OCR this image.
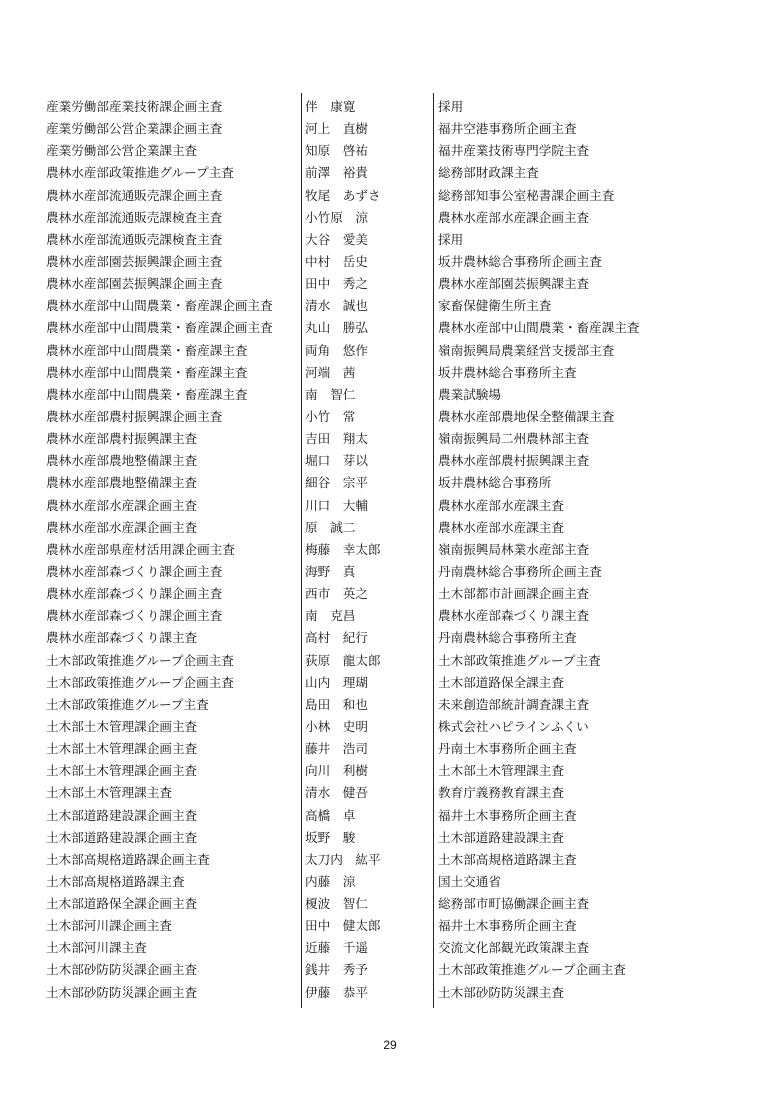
産業労働部産業技術課企画主査	伴　康寛	採用
産業労働部公営企業課企画主査	河上　直樹	福井空港事務所企画主査
産業労働部公営企業課主査	知原　啓祐	福井産業技術専門学院主査
農林水産部政策推進グループ主査	前澤　裕貴	総務部財政課主査
農林水産部流通販売課企画主査	牧尾　あずさ	総務部知事公室秘書課企画主査
農林水産部流通販売課検査主査	小竹原　涼	農林水産部水産課企画主査
農林水産部流通販売課検査主査	大谷　愛美	採用
農林水産部園芸振興課企画主査	中村　岳史	坂井農林総合事務所企画主査
農林水産部園芸振興課企画主査	田中　秀之	農林水産部園芸振興課主査
農林水産部中山間農業・畜産課企画主査	清水　誠也	家畜保健衛生所主査
農林水産部中山間農業・畜産課企画主査	丸山　勝弘	農林水産部中山間農業・畜産課主査
農林水産部中山間農業・畜産課主査	両角　悠作	嶺南振興局農業経営支援部主査
農林水産部中山間農業・畜産課主査	河端　茜	坂井農林総合事務所主査
農林水産部中山間農業・畜産課主査	南　智仁	農業試験場
農林水産部農村振興課企画主査	小竹　常	農林水産部農地保全整備課主査
農林水産部農村振興課主査	吉田　翔太	嶺南振興局二州農林部主査
農林水産部農地整備課主査	堀口　芽以	農林水産部農村振興課主査
農林水産部農地整備課主査	細谷　宗平	坂井農林総合事務所
農林水産部水産課企画主査	川口　大輔	農林水産部水産課主査
農林水産部水産課企画主査	原　誠二	農林水産部水産課主査
農林水産部県産材活用課企画主査	梅藤　幸太郎	嶺南振興局林業水産部主査
農林水産部森づくり課企画主査	海野　真	丹南農林総合事務所企画主査
農林水産部森づくり課企画主査	西市　英之	土木部都市計画課企画主査
農林水産部森づくり課企画主査	南　克昌	農林水産部森づくり課主査
農林水産部森づくり課主査	高村　紀行	丹南農林総合事務所主査
土木部政策推進グループ企画主査	荻原　龍太郎	土木部政策推進グループ主査
土木部政策推進グループ企画主査	山内　理瑚	土木部道路保全課主査
土木部政策推進グループ主査	島田　和也	未来創造部統計調査課主査
土木部土木管理課企画主査	小林　史明	株式会社ハピラインふくい
土木部土木管理課企画主査	藤井　浩司	丹南土木事務所企画主査
土木部土木管理課企画主査	向川　利樹	土木部土木管理課主査
土木部土木管理課主査	清水　健吾	教育庁義務教育課主査
土木部道路建設課企画主査	高橋　卓	福井土木事務所企画主査
土木部道路建設課企画主査	坂野　駿	土木部道路建設課主査
土木部高規格道路課企画主査	太刀内　紘平	土木部高規格道路課主査
土木部高規格道路課主査	内藤　涼	国土交通省
土木部道路保全課企画主査	榎波　智仁	総務部市町協働課企画主査
土木部河川課企画主査	田中　健太郎	福井土木事務所企画主査
土木部河川課主査	近藤　千遥	交流文化部観光政策課主査
土木部砂防防災課企画主査	銭井　秀予	土木部政策推進グループ企画主査
土木部砂防防災課企画主査	伊藤　恭平	土木部砂防防災課主査
29
